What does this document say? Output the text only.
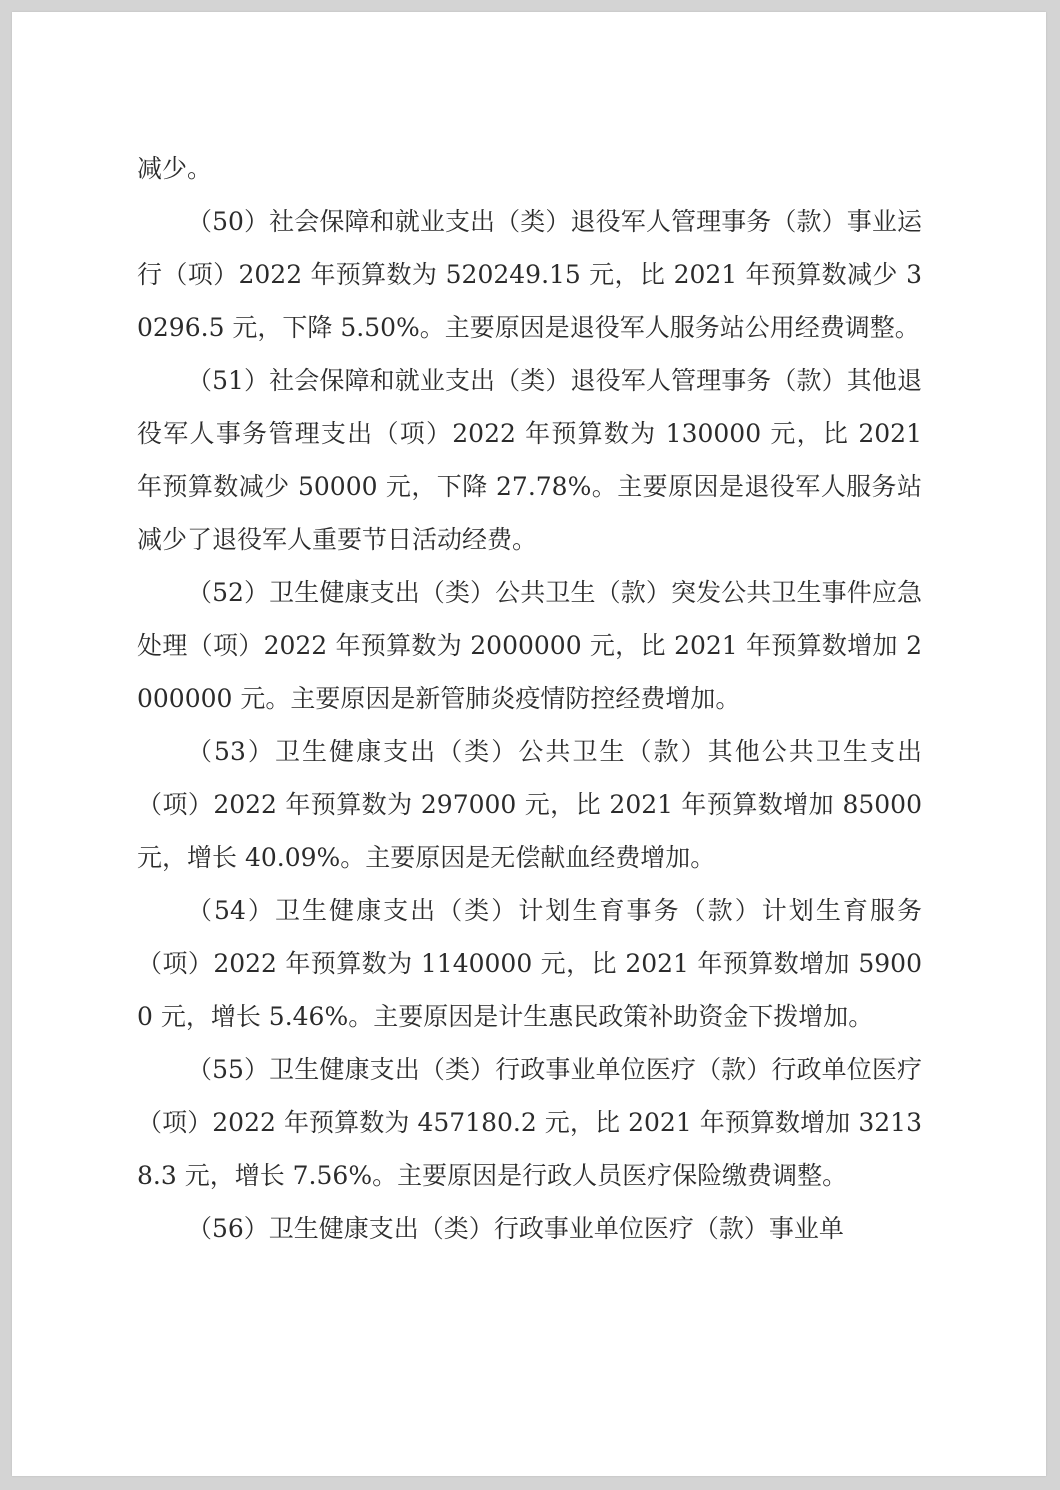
减少。

（50）社会保障和就业支出（类）退役军人管理事务（款）事业运行（项）2022 年预算数为 520249.15 元，比 2021 年预算数减少 30296.5 元，下降 5.50%。主要原因是退役军人服务站公用经费调整。

（51）社会保障和就业支出（类）退役军人管理事务（款）其他退役军人事务管理支出（项）2022 年预算数为 130000 元，比 2021 年预算数减少 50000 元，下降 27.78%。主要原因是退役军人服务站减少了退役军人重要节日活动经费。

（52）卫生健康支出（类）公共卫生（款）突发公共卫生事件应急处理（项）2022 年预算数为 2000000 元，比 2021 年预算数增加 2000000 元。主要原因是新管肺炎疫情防控经费增加。

（53）卫生健康支出（类）公共卫生（款）其他公共卫生支出（项）2022 年预算数为 297000 元，比 2021 年预算数增加 85000 元，增长 40.09%。主要原因是无偿献血经费增加。

（54）卫生健康支出（类）计划生育事务（款）计划生育服务（项）2022 年预算数为 1140000 元，比 2021 年预算数增加 59000 元，增长 5.46%。主要原因是计生惠民政策补助资金下拨增加。

（55）卫生健康支出（类）行政事业单位医疗（款）行政单位医疗（项）2022 年预算数为 457180.2 元，比 2021 年预算数增加 32138.3 元，增长 7.56%。主要原因是行政人员医疗保险缴费调整。

（56）卫生健康支出（类）行政事业单位医疗（款）事业单
